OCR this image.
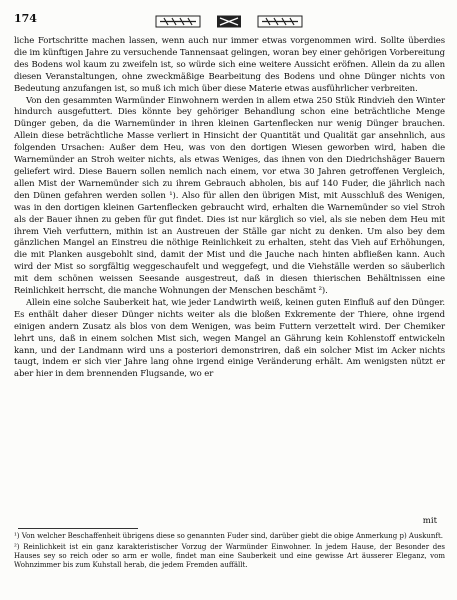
174

liche Fortschritte machen lassen, wenn auch nur immer etwas vorgenommen wird. Sollte überdies die im künftigen Jahre zu versuchende Tannensaat gelingen, woran bey einer gehörigen Vorbereitung des Bodens wol kaum zu zweifeln ist, so würde sich eine weitere Aussicht eröfnen. Allein da zu allen diesen Veranstaltungen, ohne zweckmäßige Bearbeitung des Bodens und ohne Dünger nichts von Bedeutung anzufangen ist, so muß ich mich über diese Materie etwas ausführlicher verbreiten.

Von den gesammten Warmünder Einwohnern werden in allem etwa 250 Stük Rindvieh den Winter hindurch ausgefuttert. Dies könnte bey gehöriger Behandlung schon eine beträchtliche Menge Dünger geben, da die Warnemünder in ihren kleinen Gartenflecken nur wenig Dünger brauchen. Allein diese beträchtliche Masse verliert in Hinsicht der Quantität und Qualität gar ansehnlich, aus folgenden Ursachen: Außer dem Heu, was von den dortigen Wiesen geworben wird, haben die Warnemünder an Stroh weiter nichts, als etwas Weniges, das ihnen von den Diedrichshäger Bauern geliefert wird. Diese Bauern sollen nemlich nach einem, vor etwa 30 Jahren getroffenen Vergleich, allen Mist der Warnemünder sich zu ihrem Gebrauch abholen, bis auf 140 Fuder, die jährlich nach den Dünen gefahren werden sollen ¹). Also für allen den übrigen Mist, mit Ausschluß des Wenigen, was in den dortigen kleinen Gartenflecken gebraucht wird, erhalten die Warnemünder so viel Stroh als der Bauer ihnen zu geben für gut findet. Dies ist nur kärglich so viel, als sie neben dem Heu mit ihrem Vieh verfuttern, mithin ist an Austreuen der Ställe gar nicht zu denken. Um also bey dem gänzlichen Mangel an Einstreu die nöthige Reinlichkeit zu erhalten, steht das Vieh auf Erhöhungen, die mit Planken ausgebohlt sind, damit der Mist und die Jauche nach hinten abfließen kann. Auch wird der Mist so sorgfältig weggeschaufelt und weggefegt, und die Viehställe werden so säuberlich mit dem schönen weissen Seesande ausgestreut, daß in diesen thierischen Behältnissen eine Reinlichkeit herrscht, die manche Wohnungen der Menschen beschämt ²).

Allein eine solche Sauberkeit hat, wie jeder Landwirth weiß, keinen guten Einfluß auf den Dünger. Es enthält daher dieser Dünger nichts weiter als die bloßen Exkremente der Thiere, ohne irgend einigen andern Zusatz als blos von dem Wenigen, was beim Futtern verzettelt wird. Der Chemiker lehrt uns, daß in einem solchen Mist sich, wegen Mangel an Gährung kein Kohlenstoff entwickeln kann, und der Landmann wird uns a posteriori demonstriren, daß ein solcher Mist im Acker nichts taugt, indem er sich vier Jahre lang ohne irgend einige Veränderung erhält. Am wenigsten nützt er aber hier in dem brennenden Flugsande, wo er

mit

¹) Von welcher Beschaffenheit übrigens diese so genannten Fuder sind, darüber giebt die obige Anmerkung p) Auskunft.

²) Reinlichkeit ist ein ganz karakteristischer Vorzug der Warmünder Einwohner. In jedem Hause, der Besonder des Hauses sey so reich oder so arm er wolle, findet man eine Sauberkeit und eine gewisse Art äusserer Eleganz, vom Wohnzimmer bis zum Kuhstall herab, die jedem Fremden auffällt.
